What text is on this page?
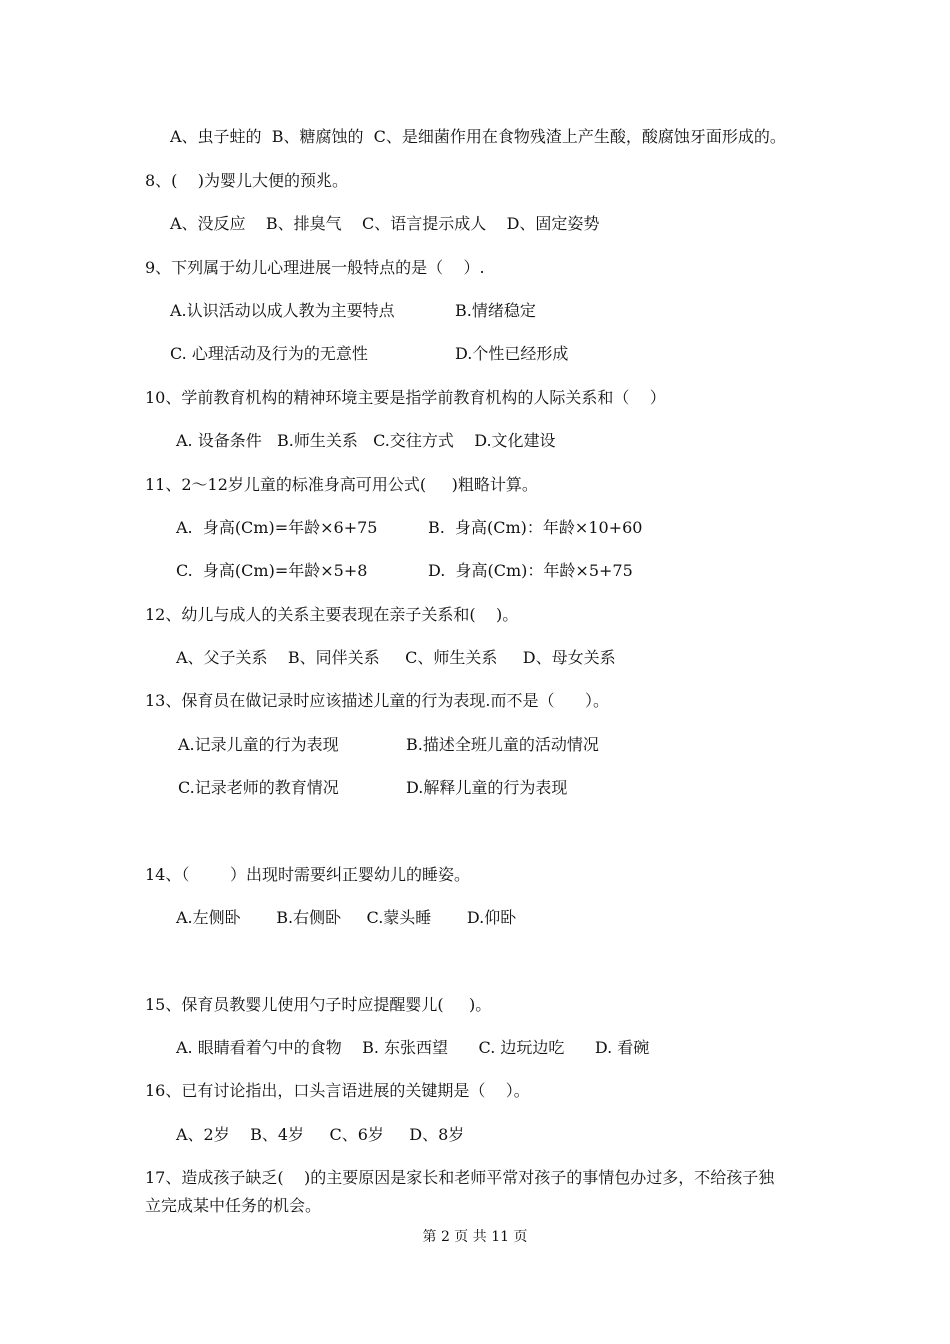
A、虫子蛀的  B、糖腐蚀的  C、是细菌作用在食物残渣上产生酸，酸腐蚀牙面形成的。
8、(    )为婴儿大便的预兆。
A、没反应    B、排臭气    C、语言提示成人    D、固定姿势
9、下列属于幼儿心理进展一般特点的是（    ）.
A.认识活动以成人教为主要特点	B.情绪稳定
C. 心理活动及行为的无意性	D.个性已经形成
10、学前教育机构的精神环境主要是指学前教育机构的人际关系和（    ）
A. 设备条件   B.师生关系   C.交往方式    D.文化建设
11、2～12岁儿童的标准身高可用公式(     )粗略计算。
A.  身高(Cm)=年龄×6+75	B.  身高(Cm)：年龄×10+60
C.  身高(Cm)=年龄×5+8	D.  身高(Cm)：年龄×5+75
12、幼儿与成人的关系主要表现在亲子关系和(    )。
A、父子关系    B、同伴关系     C、师生关系     D、母女关系
13、保育员在做记录时应该描述儿童的行为表现.而不是（      ）。
A.记录儿童的行为表现	B.描述全班儿童的活动情况
C.记录老师的教育情况	D.解释儿童的行为表现
14、（        ）出现时需要纠正婴幼儿的睡姿。
A.左侧卧       B.右侧卧     C.蒙头睡       D.仰卧
15、保育员教婴儿使用勺子时应提醒婴儿(     )。
A. 眼睛看着勺中的食物    B. 东张西望      C. 边玩边吃      D. 看碗
16、已有讨论指出，口头言语进展的关键期是（    ）。
A、2岁    B、4岁     C、6岁     D、8岁
17、造成孩子缺乏(    )的主要原因是家长和老师平常对孩子的事情包办过多，不给孩子独
立完成某中任务的机会。
第 2 页 共 11 页
